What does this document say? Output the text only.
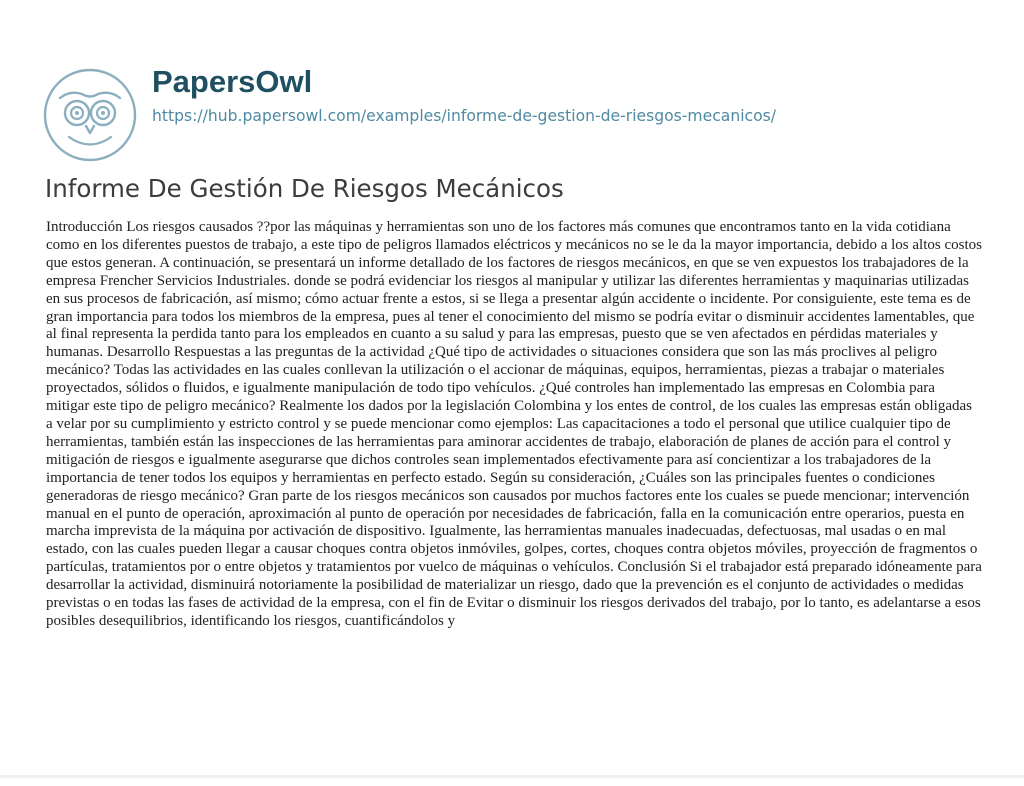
PapersOwl
https://hub.papersowl.com/examples/informe-de-gestion-de-riesgos-mecanicos/
Informe De Gestión De Riesgos Mecánicos

Introducción Los riesgos causados ??por las máquinas y herramientas son uno de los factores más comunes que encontramos tanto en la vida cotidiana como en los diferentes puestos de trabajo, a este tipo de peligros llamados eléctricos y mecánicos no se le da la mayor importancia, debido a los altos costos que estos generan. A continuación, se presentará un informe detallado de los factores de riesgos mecánicos, en que se ven expuestos los trabajadores de la empresa Frencher Servicios Industriales. donde se podrá evidenciar los riesgos al manipular y utilizar las diferentes herramientas y maquinarias utilizadas en sus procesos de fabricación, así mismo; cómo actuar frente a estos, si se llega a presentar algún accidente o incidente. Por consiguiente, este tema es de gran importancia para todos los miembros de la empresa, pues al tener el conocimiento del mismo se podría evitar o disminuir accidentes lamentables, que al final representa la perdida tanto para los empleados en cuanto a su salud y para las empresas, puesto que se ven afectados en pérdidas materiales y humanas. Desarrollo Respuestas a las preguntas de la actividad ¿Qué tipo de actividades o situaciones considera que son las más proclives al peligro mecánico? Todas las actividades en las cuales conllevan la utilización o el accionar de máquinas, equipos, herramientas, piezas a trabajar o materiales proyectados, sólidos o fluidos, e igualmente manipulación de todo tipo vehículos. ¿Qué controles han implementado las empresas en Colombia para mitigar este tipo de peligro mecánico? Realmente los dados por la legislación Colombina y los entes de control, de los cuales las empresas están obligadas a velar por su cumplimiento y estricto control y se puede mencionar como ejemplos: Las capacitaciones a todo el personal que utilice cualquier tipo de herramientas, también están las inspecciones de las herramientas para aminorar accidentes de trabajo, elaboración de planes de acción para el control y mitigación de riesgos e igualmente asegurarse que dichos controles sean implementados efectivamente para así concientizar a los trabajadores de la importancia de tener todos los equipos y herramientas en perfecto estado. Según su consideración, ¿Cuáles son las principales fuentes o condiciones generadoras de riesgo mecánico? Gran parte de los riesgos mecánicos son causados por muchos factores ente los cuales se puede mencionar; intervención manual en el punto de operación, aproximación al punto de operación por necesidades de fabricación, falla en la comunicación entre operarios, puesta en marcha imprevista de la máquina por activación de dispositivo. Igualmente, las herramientas manuales inadecuadas, defectuosas, mal usadas o en mal estado, con las cuales pueden llegar a causar choques contra objetos inmóviles, golpes, cortes, choques contra objetos móviles, proyección de fragmentos o partículas, tratamientos por o entre objetos y tratamientos por vuelco de máquinas o vehículos. Conclusión Si el trabajador está preparado idóneamente para desarrollar la actividad, disminuirá notoriamente la posibilidad de materializar un riesgo, dado que la prevención es el conjunto de actividades o medidas previstas o en todas las fases de actividad de la empresa, con el fin de Evitar o disminuir los riesgos derivados del trabajo, por lo tanto, es adelantarse a esos posibles desequilibrios, identificando los riesgos, cuantificándolos y
